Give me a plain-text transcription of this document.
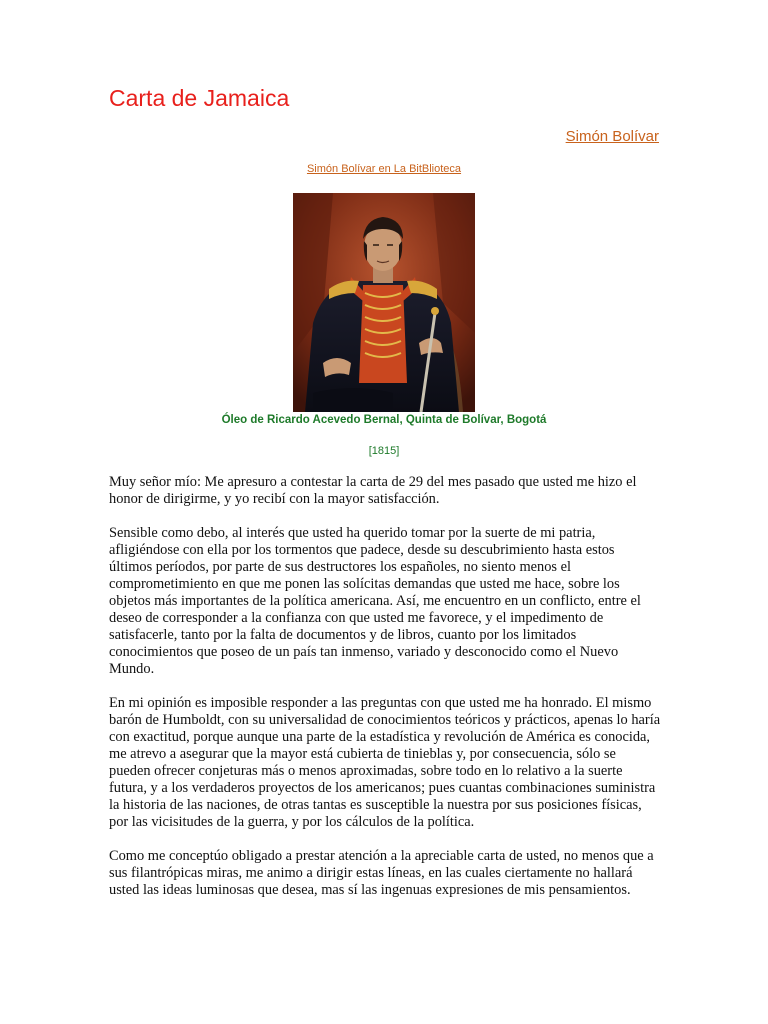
Carta de Jamaica
Simón Bolívar
Simón Bolívar en La BitBlioteca
Óleo de Ricardo Acevedo Bernal, Quinta de Bolívar, Bogotá
[1815]

Muy señor mío: Me apresuro a contestar la carta de 29 del mes pasado que usted me hizo el honor de dirigirme, y yo recibí con la mayor satisfacción.

Sensible como debo, al interés que usted ha querido tomar por la suerte de mi patria, afligiéndose con ella por los tormentos que padece, desde su descubrimiento hasta estos últimos períodos, por parte de sus destructores los españoles, no siento menos el comprometimiento en que me ponen las solícitas demandas que usted me hace, sobre los objetos más importantes de la política americana. Así, me encuentro en un conflicto, entre el deseo de corresponder a la confianza con que usted me favorece, y el impedimento de satisfacerle, tanto por la falta de documentos y de libros, cuanto por los limitados conocimientos que poseo de un país tan inmenso, variado y desconocido como el Nuevo Mundo.

En mi opinión es imposible responder a las preguntas con que usted me ha honrado. El mismo barón de Humboldt, con su universalidad de conocimientos teóricos y prácticos, apenas lo haría con exactitud, porque aunque una parte de la estadística y revolución de América es conocida, me atrevo a asegurar que la mayor está cubierta de tinieblas y, por consecuencia, sólo se pueden ofrecer conjeturas más o menos aproximadas, sobre todo en lo relativo a la suerte futura, y a los verdaderos proyectos de los americanos; pues cuantas combinaciones suministra la historia de las naciones, de otras tantas es susceptible la nuestra por sus posiciones físicas, por las vicisitudes de la guerra, y por los cálculos de la política.

Como me conceptúo obligado a prestar atención a la apreciable carta de usted, no menos que a sus filantrópicas miras, me animo a dirigir estas líneas, en las cuales ciertamente no hallará usted las ideas luminosas que desea, mas sí las ingenuas expresiones de mis pensamientos.
